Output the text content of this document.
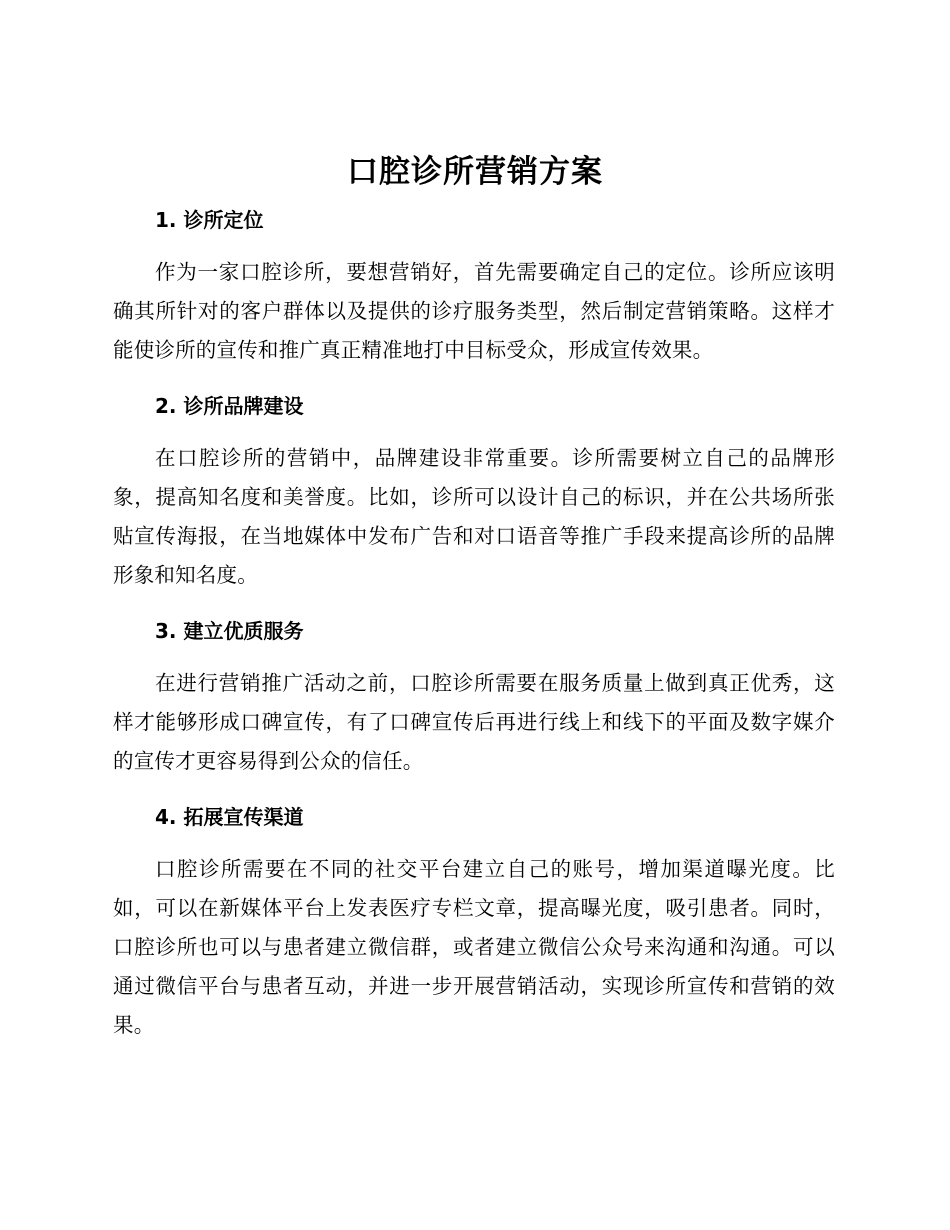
口腔诊所营销方案
1. 诊所定位

作为一家口腔诊所，要想营销好，首先需要确定自己的定位。诊所应该明确其所针对的客户群体以及提供的诊疗服务类型，然后制定营销策略。这样才能使诊所的宣传和推广真正精准地打中目标受众，形成宣传效果。

2. 诊所品牌建设

在口腔诊所的营销中，品牌建设非常重要。诊所需要树立自己的品牌形象，提高知名度和美誉度。比如，诊所可以设计自己的标识，并在公共场所张贴宣传海报，在当地媒体中发布广告和对口语音等推广手段来提高诊所的品牌形象和知名度。

3. 建立优质服务

在进行营销推广活动之前，口腔诊所需要在服务质量上做到真正优秀，这样才能够形成口碑宣传，有了口碑宣传后再进行线上和线下的平面及数字媒介的宣传才更容易得到公众的信任。

4. 拓展宣传渠道

口腔诊所需要在不同的社交平台建立自己的账号，增加渠道曝光度。比如，可以在新媒体平台上发表医疗专栏文章，提高曝光度，吸引患者。同时，口腔诊所也可以与患者建立微信群，或者建立微信公众号来沟通和沟通。可以通过微信平台与患者互动，并进一步开展营销活动，实现诊所宣传和营销的效果。
